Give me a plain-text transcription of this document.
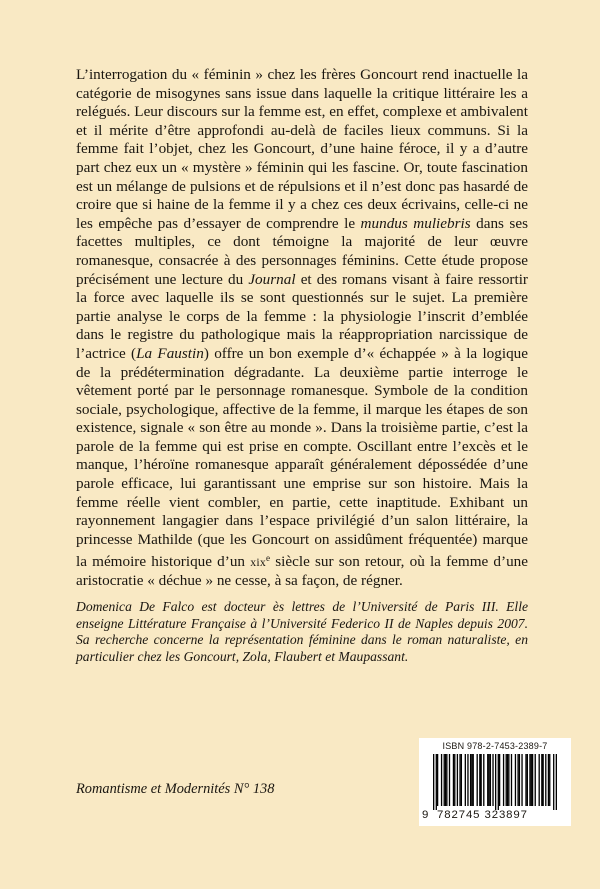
L’interrogation du « féminin » chez les frères Goncourt rend inactuelle la catégorie de misogynes sans issue dans laquelle la critique littéraire les a relégués. Leur discours sur la femme est, en effet, complexe et ambivalent et il mérite d’être approfondi au-delà de faciles lieux communs. Si la femme fait l’objet, chez les Goncourt, d’une haine féroce, il y a d’autre part chez eux un « mystère » féminin qui les fascine. Or, toute fascination est un mélange de pulsions et de répulsions et il n’est donc pas hasardé de croire que si haine de la femme il y a chez ces deux écrivains, celle-ci ne les empêche pas d’essayer de comprendre le mundus muliebris dans ses facettes multiples, ce dont témoigne la majorité de leur œuvre romanesque, consacrée à des personnages féminins. Cette étude propose précisément une lecture du Journal et des romans visant à faire ressortir la force avec laquelle ils se sont questionnés sur le sujet. La première partie analyse le corps de la femme : la physiologie l’inscrit d’emblée dans le registre du pathologique mais la réappropriation narcissique de l’actrice (La Faustin) offre un bon exemple d’« échappée » à la logique de la prédétermination dégradante. La deuxième partie interroge le vêtement porté par le personnage romanesque. Symbole de la condition sociale, psychologique, affective de la femme, il marque les étapes de son existence, signale « son être au monde ». Dans la troisième partie, c’est la parole de la femme qui est prise en compte. Oscillant entre l’excès et le manque, l’héroïne romanesque apparaît généralement dépossédée d’une parole efficace, lui garantissant une emprise sur son histoire. Mais la femme réelle vient combler, en partie, cette inaptitude. Exhibant un rayonnement langagier dans l’espace privilégié d’un salon littéraire, la princesse Mathilde (que les Goncourt on assidûment fréquentée) marque la mémoire historique d’un xix$^e$ siècle sur son retour, où la femme d’une aristocratie « déchue » ne cesse, à sa façon, de régner.

Domenica De Falco est docteur ès lettres de l’Université de Paris III. Elle enseigne Littérature Française à l’Université Federico II de Naples depuis 2007. Sa recherche concerne la représentation féminine dans le roman naturaliste, en particulier chez les Goncourt, Zola, Flaubert et Maupassant.

Romantisme et Modernités N° 138
ISBN 978-2-7453-2389-7
9 782745 323897
